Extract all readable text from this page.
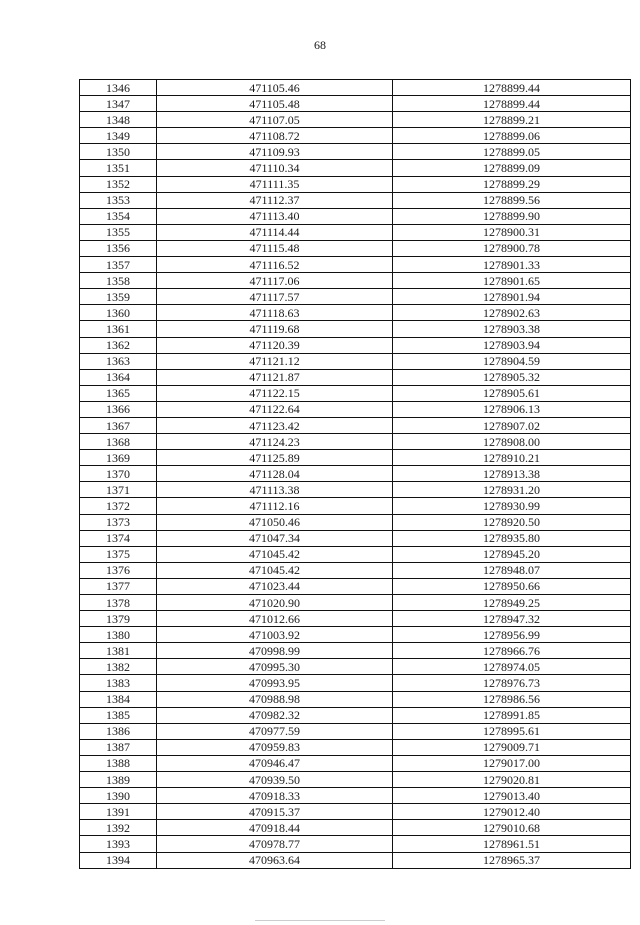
68
1346	471105.46	1278899.44
1347	471105.48	1278899.44
1348	471107.05	1278899.21
1349	471108.72	1278899.06
1350	471109.93	1278899.05
1351	471110.34	1278899.09
1352	471111.35	1278899.29
1353	471112.37	1278899.56
1354	471113.40	1278899.90
1355	471114.44	1278900.31
1356	471115.48	1278900.78
1357	471116.52	1278901.33
1358	471117.06	1278901.65
1359	471117.57	1278901.94
1360	471118.63	1278902.63
1361	471119.68	1278903.38
1362	471120.39	1278903.94
1363	471121.12	1278904.59
1364	471121.87	1278905.32
1365	471122.15	1278905.61
1366	471122.64	1278906.13
1367	471123.42	1278907.02
1368	471124.23	1278908.00
1369	471125.89	1278910.21
1370	471128.04	1278913.38
1371	471113.38	1278931.20
1372	471112.16	1278930.99
1373	471050.46	1278920.50
1374	471047.34	1278935.80
1375	471045.42	1278945.20
1376	471045.42	1278948.07
1377	471023.44	1278950.66
1378	471020.90	1278949.25
1379	471012.66	1278947.32
1380	471003.92	1278956.99
1381	470998.99	1278966.76
1382	470995.30	1278974.05
1383	470993.95	1278976.73
1384	470988.98	1278986.56
1385	470982.32	1278991.85
1386	470977.59	1278995.61
1387	470959.83	1279009.71
1388	470946.47	1279017.00
1389	470939.50	1279020.81
1390	470918.33	1279013.40
1391	470915.37	1279012.40
1392	470918.44	1279010.68
1393	470978.77	1278961.51
1394	470963.64	1278965.37
